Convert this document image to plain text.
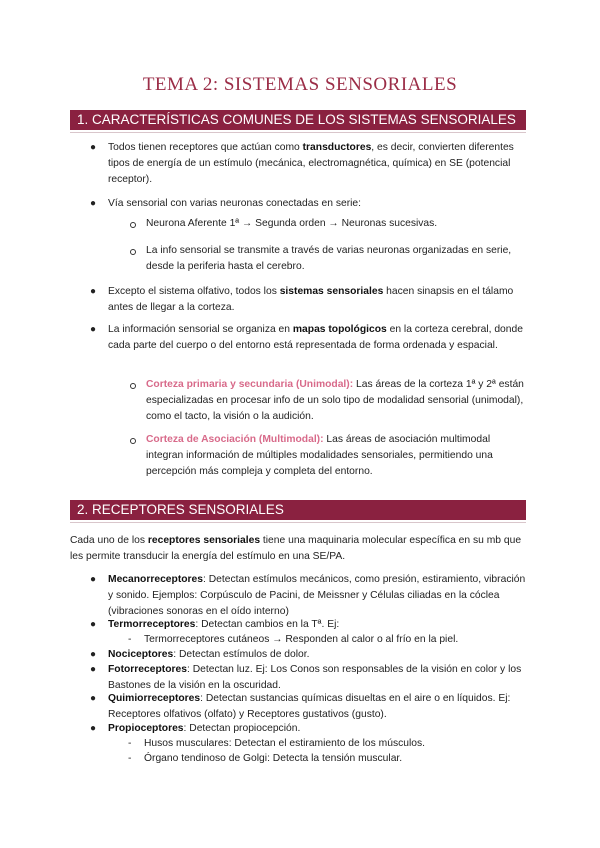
TEMA 2: SISTEMAS SENSORIALES
1. CARACTERÍSTICAS COMUNES DE LOS SISTEMAS SENSORIALES
● Todos tienen receptores que actúan como transductores, es decir, convierten diferentes tipos de energía de un estímulo (mecánica, electromagnética, química) en SE (potencial receptor).

● Vía sensorial con varias neuronas conectadas en serie:

Neurona Aferente 1ª → Segunda orden → Neuronas sucesivas.

La info sensorial se transmite a través de varias neuronas organizadas en serie, desde la periferia hasta el cerebro.

● Excepto el sistema olfativo, todos los sistemas sensoriales hacen sinapsis en el tálamo antes de llegar a la corteza.

● La información sensorial se organiza en mapas topológicos en la corteza cerebral, donde cada parte del cuerpo o del entorno está representada de forma ordenada y espacial.

Corteza primaria y secundaria (Unimodal): Las áreas de la corteza 1ª y 2ª están especializadas en procesar info de un solo tipo de modalidad sensorial (unimodal), como el tacto, la visión o la audición.

Corteza de Asociación (Multimodal): Las áreas de asociación multimodal integran información de múltiples modalidades sensoriales, permitiendo una percepción más compleja y completa del entorno.

2. RECEPTORES SENSORIALES

Cada uno de los receptores sensoriales tiene una maquinaria molecular específica en su mb que les permite transducir la energía del estímulo en una SE/PA.

● Mecanorreceptores: Detectan estímulos mecánicos, como presión, estiramiento, vibración y sonido. Ejemplos: Corpúsculo de Pacini, de Meissner y Células ciliadas en la cóclea (vibraciones sonoras en el oído interno)

● Termorreceptores: Detectan cambios en la Tª. Ej:

- Termorreceptores cutáneos → Responden al calor o al frío en la piel.

● Nociceptores: Detectan estímulos de dolor.

● Fotorreceptores: Detectan luz. Ej: Los Conos son responsables de la visión en color y los Bastones de la visión en la oscuridad.

● Quimiorreceptores: Detectan sustancias químicas disueltas en el aire o en líquidos. Ej: Receptores olfativos (olfato) y Receptores gustativos (gusto).

● Propioceptores: Detectan propiocepción.

- Husos musculares: Detectan el estiramiento de los músculos.

- Órgano tendinoso de Golgi: Detecta la tensión muscular.
